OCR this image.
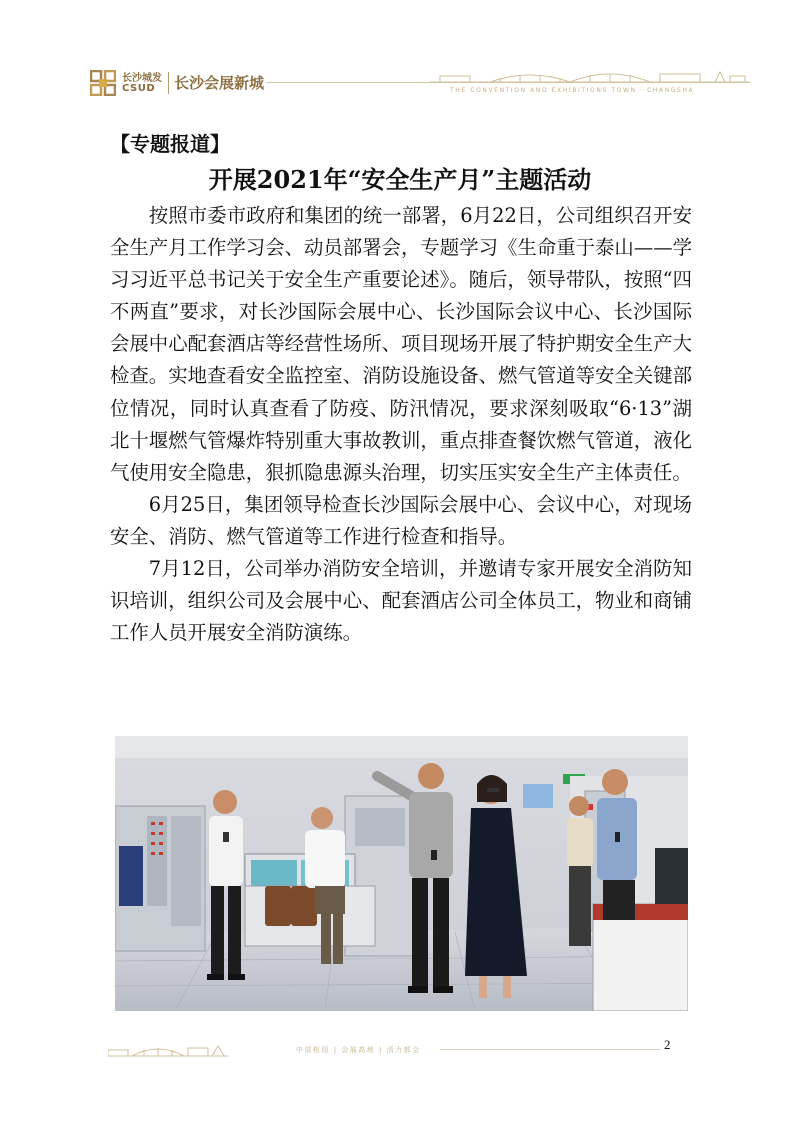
长沙城发
CSUD 长沙会展新城	THE CONVENTION AND EXHIBITIONS TOWN · CHANGSHA
【专题报道】
开展2021年“安全生产月”主题活动

按照市委市政府和集团的统一部署，6月22日，公司组织召开安全生产月工作学习会、动员部署会，专题学习《生命重于泰山——学习习近平总书记关于安全生产重要论述》。随后，领导带队，按照“四不两直”要求，对长沙国际会展中心、长沙国际会议中心、长沙国际会展中心配套酒店等经营性场所、项目现场开展了特护期安全生产大检查。实地查看安全监控室、消防设施设备、燃气管道等安全关键部位情况，同时认真查看了防疫、防汛情况，要求深刻吸取“6·13”湖北十堰燃气管爆炸特别重大事故教训，重点排查餐饮燃气管道，液化气使用安全隐患，狠抓隐患源头治理，切实压实安全生产主体责任。

6月25日，集团领导检查长沙国际会展中心、会议中心，对现场安全、消防、燃气管道等工作进行检查和指导。

7月12日，公司举办消防安全培训，并邀请专家开展安全消防知识培训，组织公司及会展中心、配套酒店公司全体员工，物业和商铺工作人员开展安全消防演练。

中部枢纽 | 会展高地 | 活力都会	2
